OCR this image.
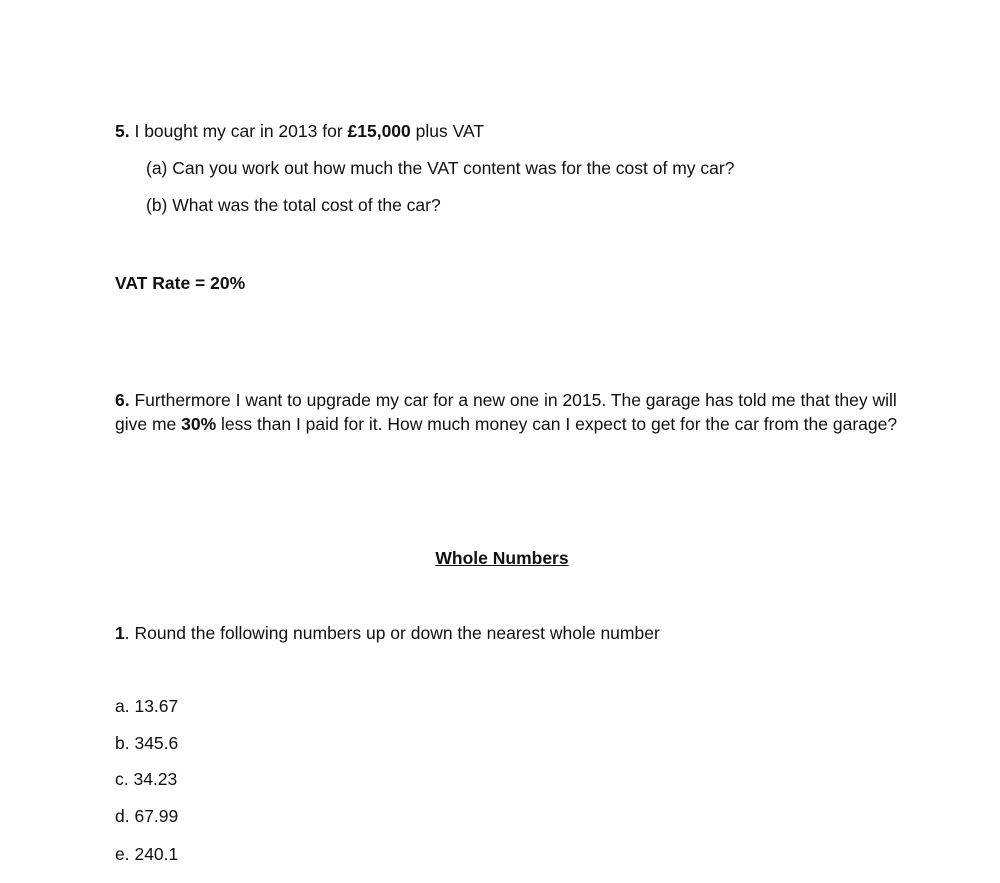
5. I bought my car in 2013 for £15,000 plus VAT
(a) Can you work out how much the VAT content was for the cost of my car?
(b) What was the total cost of the car?
VAT Rate = 20%
6. Furthermore I want to upgrade my car for a new one in 2015. The garage has told me that they will give me 30% less than I paid for it. How much money can I expect to get for the car from the garage?
Whole Numbers
1. Round the following numbers up or down the nearest whole number
a. 13.67
b. 345.6
c. 34.23
d. 67.99
e. 240.1
